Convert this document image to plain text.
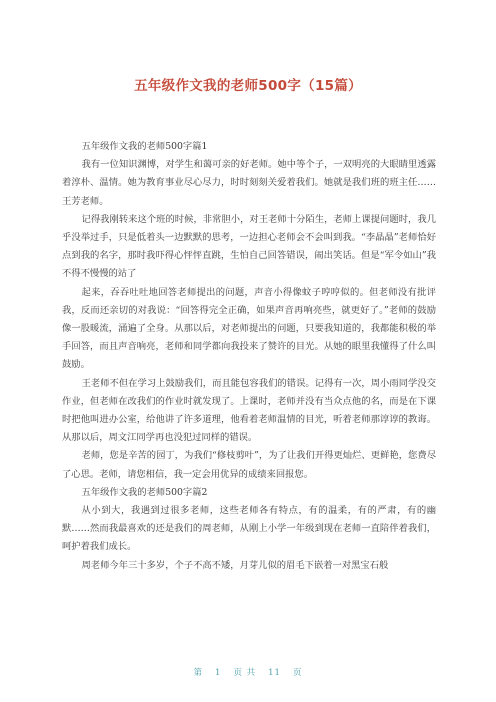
五年级作文我的老师500字（15篇）

五年级作文我的老师500字篇1

我有一位知识渊博，对学生和蔼可亲的好老师。她中等个子，一双明亮的大眼睛里透露着淳朴、温情。她为教育事业尽心尽力，时时刻刻关爱着我们。她就是我们班的班主任……王芳老师。

记得我刚转来这个班的时候，非常胆小，对王老师十分陌生，老师上课提问题时，我几乎没举过手，只是低着头一边默默的思考，一边担心老师会不会叫到我。“李晶晶”老师恰好点到我的名字，那时我吓得心怦怦直跳，生怕自己回答错误，闹出笑话。但是“军令如山”我不得不慢慢的站了

起来，吞吞吐吐地回答老师提出的问题，声音小得像蚊子哼哼似的。但老师没有批评我，反而还亲切的对我说：“回答得完全正确，如果声音再响亮些，就更好了。”老师的鼓励像一股暖流，涌遍了全身。从那以后，对老师提出的问题，只要我知道的，我都能积极的举手回答，而且声音响亮，老师和同学都向我投来了赞许的目光。从她的眼里我懂得了什么叫鼓励。

王老师不但在学习上鼓励我们，而且能包容我们的错误。记得有一次，周小雨同学没交作业，但老师在改我们的作业时就发现了。上课时，老师并没有当众点他的名，而是在下课时把他叫进办公室，给他讲了许多道理，他看着老师温情的目光，听着老师那谆谆的教诲。从那以后，周文江同学再也没犯过同样的错误。

老师，您是辛苦的园丁，为我们“修枝剪叶”，为了让我们开得更灿烂、更鲜艳，您费尽了心思。老师，请您相信，我一定会用优异的成绩来回报您。

五年级作文我的老师500字篇2

从小到大，我遇到过很多老师，这些老师各有特点，有的温柔，有的严肃，有的幽默……然而我最喜欢的还是我们的周老师，从刚上小学一年级到现在老师一直陪伴着我们，呵护着我们成长。

周老师今年三十多岁，个子不高不矮，月芽儿似的眉毛下嵌着一对黑宝石般

第 1 页 共 11 页
